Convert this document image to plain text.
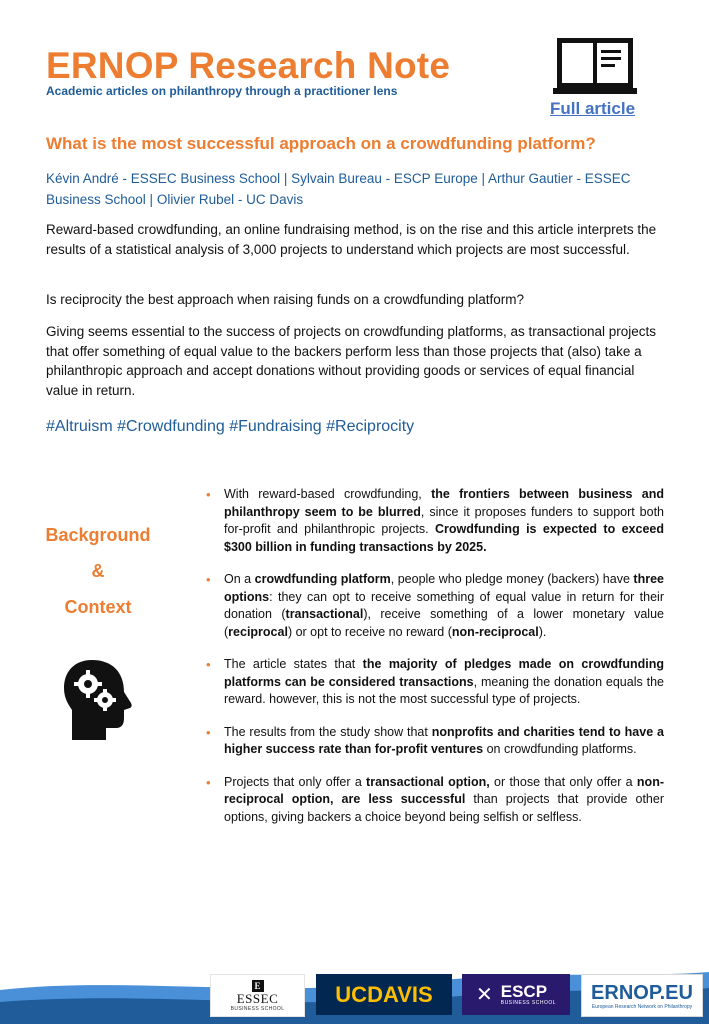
ERNOP Research Note
Academic articles on philanthropy through a practitioner lens
Full article
What is the most successful approach on a crowdfunding platform?
Kévin André - ESSEC Business School | Sylvain Bureau - ESCP Europe | Arthur Gautier - ESSEC Business School | Olivier Rubel - UC Davis

Reward-based crowdfunding, an online fundraising method, is on the rise and this article interprets the results of a statistical analysis of 3,000 projects to understand which projects are most successful.

Is reciprocity the best approach when raising funds on a crowdfunding platform?

Giving seems essential to the success of projects on crowdfunding platforms, as transactional projects that offer something of equal value to the backers perform less than those projects that (also) take a philanthropic approach and accept donations without providing goods or services of equal financial value in return.

#Altruism #Crowdfunding #Fundraising #Reciprocity
Background
&
Context
• With reward-based crowdfunding, the frontiers between business and philanthropy seem to be blurred, since it proposes funders to support both for-profit and philanthropic projects. Crowdfunding is expected to exceed $300 billion in funding transactions by 2025.
• On a crowdfunding platform, people who pledge money (backers) have three options: they can opt to receive something of equal value in return for their donation (transactional), receive something of a lower monetary value (reciprocal) or opt to receive no reward (non-reciprocal).
• The article states that the majority of pledges made on crowdfunding platforms can be considered transactions, meaning the donation equals the reward. however, this is not the most successful type of projects.
• The results from the study show that nonprofits and charities tend to have a higher success rate than for-profit ventures on crowdfunding platforms.
• Projects that only offer a transactional option, or those that only offer a non-reciprocal option, are less successful than projects that provide other options, giving backers a choice beyond being selfish or selfless.
E
ESSEC
BUSINESS SCHOOL
UC DAVIS ✕ ESCP
BUSINESS SCHOOL ERNOP.EU
European Research Network on Philanthropy
